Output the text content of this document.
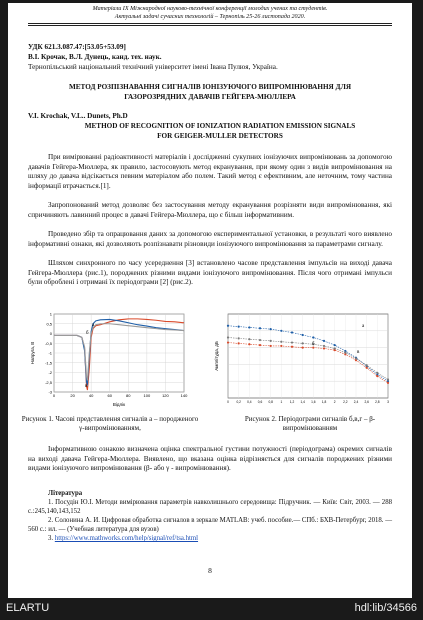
Матеріали IX Міжнародної науково-технічної конференції молодих учених та студентів.
Актуальні задачі сучасних технологій – Тернопіль 25-26 листопада 2020.

УДК 621.3.087.47:[53.05+53.09]

В.І. Крочак, В.Л. Дунець, канд. тех. наук.

Тернопільський національний технічний університет імені Івана Пулюя, Україна.

МЕТОД РОЗПІЗНАВАННЯ СИГНАЛІВ ІОНІЗУЮЧОГО ВИПРОМІНЮВАННЯ ДЛЯ ГАЗОРОЗРЯДНИХ ДАВАЧІВ ГЕЙГЕРА-МЮЛЛЕРА

V.I. Krochak, V.L.. Dunets, Ph.D

METHOD OF RECOGNITION OF IONIZATION RADIATION EMISSION SIGNALS FOR GEIGER-MULLER DETECTORS

При вимірюванні радіоактивності матеріалів і дослідженні сукупних іонізуючих випромінювань за допомогою давачів Гейгера-Мюллера, як правило, застосовують метод екранування, при якому один з видів випромінювання на шляху до давача відсікається певним матеріалом або полем. Такий метод є ефективним, але неточним, тому частина інформації втрачається.[1].

Запропонований метод дозволяє без застосування методу екранування розрізняти види випромінювання, які спричиняють лавинний процес в давачі Гейгера-Мюллера, що є більш інформативним.

Проведено збір та опрацювання даних за допомогою експериментальної установки, в результаті чого виявлено інформативні ознаки, які дозволяють розпізнавати різновиди іонізуючого випромінювання за параметрами сигналу.

Шляхом синхронного по часу усереднення [3] встановлено часове представлення імпульсів на виході давача Гейгера-Мюллера (рис.1), породжених різними видами іонізуючого випромінювання. Після чого отримані імпульси були оброблені і отримані їх періодограми [2] (рис.2).

1
0,5
0
-0,5
-1
-1,5
-2
-2,5
-3
0	20	40	60	80	100	120	140
Напруга, В
Відлік
a
б
в
Рисунок 1. Часові представлення сигналів а – породженого γ-випромінюванням,
0 0,2 0,4 0,6 0,8 1 1,2 1,4 1,6 1,8 2 2,2 2,4 2,6 2,8 3
Амплітуда, дБ
a
б
в
Рисунок 2. Періодограми сигналів б,в,г – β-випромінюванням

Інформативною ознакою визначена оцінка спектральної густини потужності (періодограма) окремих сигналів на виході давача Гейгера-Мюллера. Виявлено, що вказана оцінка відрізняється для сигналів породжених різними видами іонізуючого випромінювання (β- або γ - випромінювання).

Література

1. Посудін Ю.І. Методи вимірювання параметрів навколишнього середовища: Підручник. — Київ: Світ, 2003. — 288 с.:245,140,143,152

2. Солонина А. И. Цифровая обработка сигналов в зеркале MATLAB: учеб. пособие.— СПб.: БХВ-Петербург, 2018. — 560 с.: ил. — (Учебная литература для вузов)

3. https://www.mathworks.com/help/signal/ref/tsa.html

8
ELARTU	hdl:lib/34566
